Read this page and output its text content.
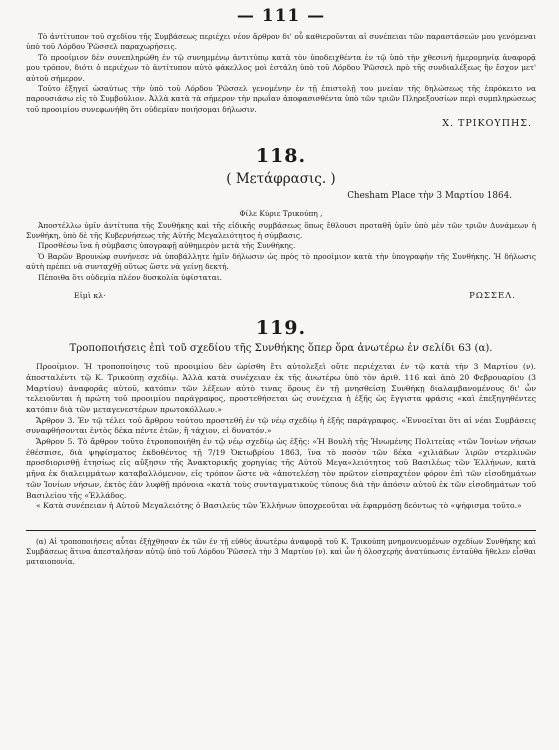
— 111 —

Τὸ ἀντίτυπον τοῦ σχεδίου τῆς Συμβάσεως περιέχει νέον ἄρθρον δι' οὗ καθιεροῦνται αἱ συνέπειαι τῶν παραστάσεών μου γενόμεναι ὑπὸ τοῦ Λόρδου Ῥῶσσελ παραχωρήσεις.

Τὸ προοίμιον δὲν συνεπληρώθη ἐν τῷ συνημμένῳ ἀντιτύπῳ κατὰ τὸν ὑποδειχθέντα ἐν τῷ ὑπὸ τὴν χθεσινὴ ἡμερομηνίᾳ ἀναφορᾷ μου τρόπον, διότι ὁ περιέχων τὸ ἀντίτυπον αὐτὸ φάκελλος μοὶ ἐστάλη ὑπὸ τοῦ Λόρδου Ῥῶσσελ πρὸ τῆς συνδιαλέξεως ἣν ἔσχον μετ' αὐτοῦ σήμερον.

Τοῦτο ἐξηγεῖ ὡσαύτως τὴν ὑπὸ τοῦ Λόρδου Ῥῶσσελ γενομένην ἐν τῇ ἐπιστολῇ του μνείαν τῆς δηλώσεως τῆς ἐπρόκειτο να παρουσιάσω εἰς τὸ Συμβούλιον. Ἀλλὰ κατὰ τὰ σήμερον τὴν πρωΐαν ἀποφασισθέντα ὑπὸ τῶν τριῶν Πληρεξουσίων περὶ συμπληρώσεως τοῦ προοιμίου συνεφωνήθη ὅτι οὐδεμίαν ποιήσομαι δήλωσιν.

Χ. ΤΡΙΚΟΥΠΗΣ.
118.
( Μετάφρασις. )
Chesham Place τὴν 3 Μαρτίου 1864.

Φίλε Κύριε Τρικούπη ,

Ἀποστέλλω ὑμῖν ἀντίτυπα τῆς Συνθήκης καὶ τῆς εἰδικῆς συμβάσεως ὅπως ἔθλουσι προταθῆ ὑμῖν ὑπὸ μὲν τῶν τριῶν Δυνάμεων ἡ Συνθήκη, ὑπὸ δὲ τῆς Κυβερνήσεως τῆς Αὐτῆς Μεγαλειότητος ἡ σύμβασις.

Προσθέσω ἵνα ἡ σύμβασις ὑπογραφῇ αὐθημερὸν μετὰ τῆς Συνθήκης.

Ὁ Βαρῶν Βρουνὼφ συνήνεσε νὰ ὑποβάλλητε ἡμῖν δήλωσιν ὡς πρὸς τὸ προοίμιον κατὰ τὴν ὑπογραφὴν τῆς Συνθήκης. Ἡ δήλωσις αὐτὴ πρέπει νὰ συνταχθῇ οὕτως ὥστε νὰ γείνῃ δεκτή.

Πέποιθα ὅτι οὐδεμία πλέον δυσκολία ὑφίσταται.

Εἰμὶ κλ·	ΡΩΣΣΕΛ.
119.
Τροποποιήσεις ἐπὶ τοῦ σχεδίου τῆς Συνθήκης ὅπερ ὅρα ἀνωτέρω ἐν σελίδι 63 (α).

Προοίμιον. Ἡ τροποποίησις τοῦ προοιμίου δὲν ὡρίσθη ἔτι αὐτολεξεὶ οὔτε περιέχεται ἐν τῷ κατὰ τὴν 3 Μαρτίου (ν). ἀποσταλέντι τῷ Κ. Τρικούπῃ σχεδίῳ. Ἀλλὰ κατὰ συνέχειαν ἐκ τῆς ἀνωτέρω ὑπὸ τὸν ἀριθ. 116 καὶ ἀπὸ 20 Φεβρουαρίου (3 Μαρτίου) ἀναφορᾶς αὐτοῦ, κατόπιν τῶν λέξεων αὐτὸ τινας ὅρους ἐν τῇ μνησθείσῃ Συνθήκῃ διαλαμβανομένους δι' ὧν τελειοῦνται ἡ πρώτη τοῦ προοιμίου παράγραφος, προστεθήσεται ὡς συνέχεια ἡ ἑξῆς ὡς ἔγγιστα φράσις «καὶ ἐπεξηγηθέντες κατόπιν διὰ τῶν μεταγενεστέρων πρωτοκόλλων.»

Ἄρθρον 3. Ἐν τῷ τέλει τοῦ ἄρθρου τούτου προστεθῆ ἐν τῷ νέῳ σχεδίῳ ἡ ἑξῆς παράγραφος. «Ἐννοεῖται ὅτι αἱ νέαι Συμβάσεις συναφθήσονται ἐντὸς δέκα πέντε ἐτῶν, ἢ τάχιον, εἰ δυνατόν.»

Ἄρθρον 5. Τὸ ἄρθρον τοῦτο ἐτροποποιήθη ἐν τῷ νέῳ σχεδίῳ ὡς ἑξῆς: «Ἡ Βουλὴ τῆς Ἡνωμένης Πολιτείας «τῶν Ἰονίων νήσων ἐθέσπισε, διὰ ψηφίσματος ἐκδοθέντος τῇ 7/19 Ὀκτωβρίου 1863, ἵνα τὸ ποσὸν τῶν δέκα «χιλιάδων λιρῶν στερλινῶν προσδιορισθῇ ἐτησίως εἰς αὔξησιν τῆς Ἀνακτορικῆς χορηγίας τῆς Αὐτοῦ Μεγα«λειότητος τοῦ Βασιλέως τῶν Ἑλλήνων, κατὰ μῆνα ἐκ διαλειμμάτων καταβαλλόμενον, εἰς τρόπον ὥστε νὰ «ἀποτελέσῃ τὸν πρῶτον εἰσπραχτέον φόρον ἐπὶ τῶν εἰσοδημάτων τῶν Ἰονίων νήσων, ἐκτὸς ἐὰν λυφθῇ πρόνοια «κατὰ τοὺς συνταγματικοὺς τύπους διὰ τὴν ἀπόσιν αὐτοῦ ἐκ τῶν εἰσοδημάτων τοῦ Βασιλείου τῆς «Ἑλλάδος.

« Κατὰ συνέπειαν ἡ Αὐτοῦ Μεγαλειότης ὁ Βασιλεὺς τῶν Ἑλλήνων ὑποχρεοῦται νὰ ἐφαρμόσῃ δεόντως τὸ «ψήφισμα τοῦτο.»

(α) Αἱ τροποποιήσεις αὗται ἐξήχθησαν ἐκ τῶν ἐν τῇ εὐθὺς ἀνωτέρω ἀναφορᾷ τοῦ Κ. Τρικούπη μνημονευομένων σχεδίων Συνθήκης καὶ Συμβάσεως ἅτινα ἀπεσταλήσαν αὐτῷ ὑπὸ τοῦ Λόρδου Ῥῶσσελ τὴν 3 Μαρτίου (ν). καὶ ὧν ἡ ὁλοσχερὴς ἀνατύπωσις ἐνταῦθα ἤθελεν εἶσθαι ματαιοπονία.
